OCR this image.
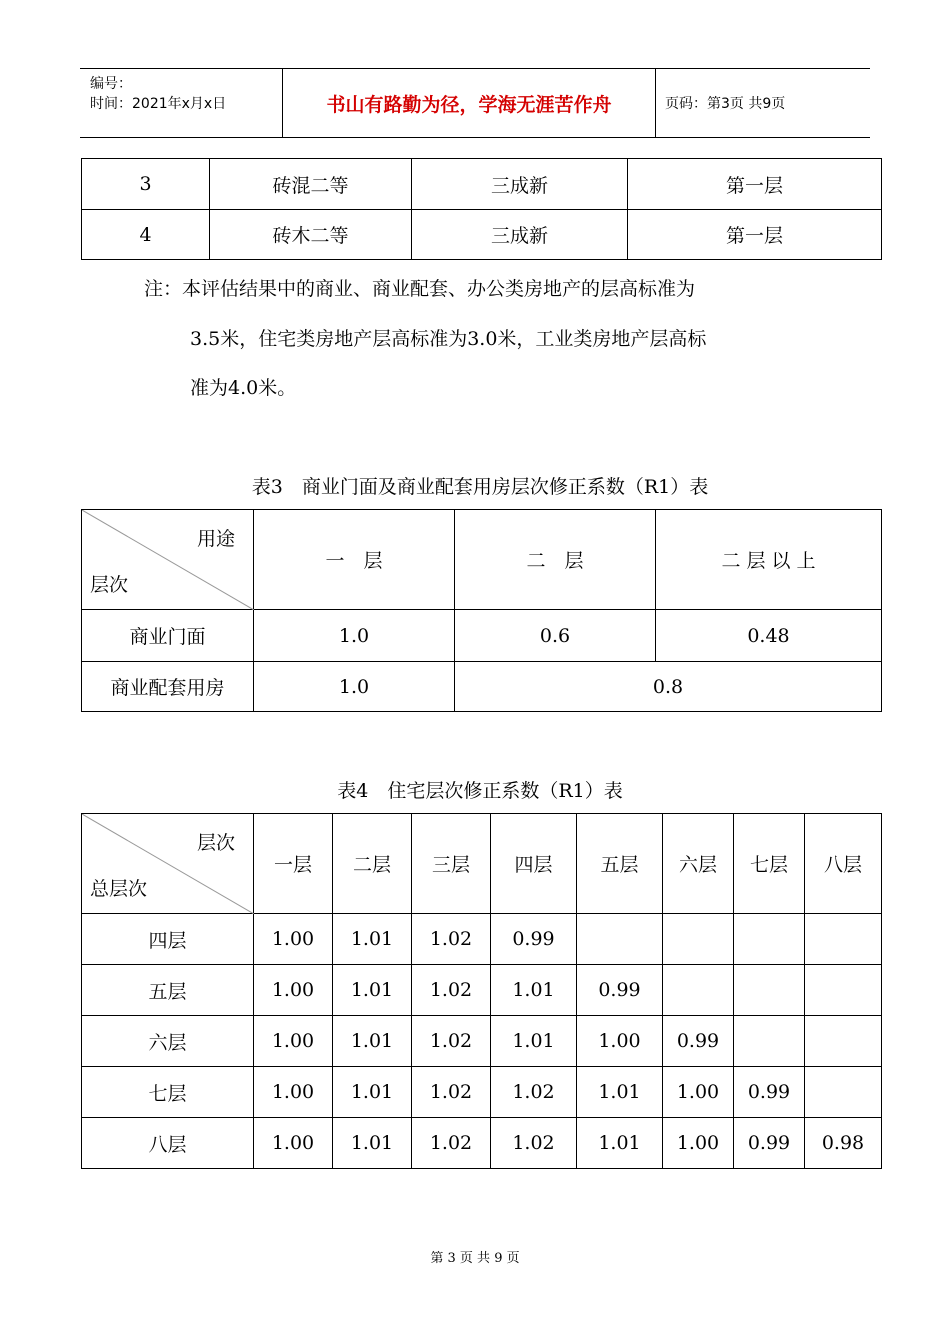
编号：
时间：2021年x月x日	书山有路勤为径，学海无涯苦作舟	页码：第3页 共9页
3	砖混二等	三成新	第一层
4	砖木二等	三成新	第一层
注：本评估结果中的商业、商业配套、办公类房地产的层高标准为
3.5米，住宅类房地产层高标准为3.0米，工业类房地产层高标
准为4.0米。
表3　商业门面及商业配套用房层次修正系数（R1）表
用途
层次	一　层	二　层	二 层 以 上
商业门面	1.0	0.6	0.48
商业配套用房	1.0	0.8	
表4　住宅层次修正系数（R1）表
层次
总层次	一层	二层	三层	四层	五层	六层	七层	八层
四层	1.00	1.01	1.02	0.99				
五层	1.00	1.01	1.02	1.01	0.99			
六层	1.00	1.01	1.02	1.01	1.00	0.99		
七层	1.00	1.01	1.02	1.02	1.01	1.00	0.99	
八层	1.00	1.01	1.02	1.02	1.01	1.00	0.99	0.98
第 3 页 共 9 页
